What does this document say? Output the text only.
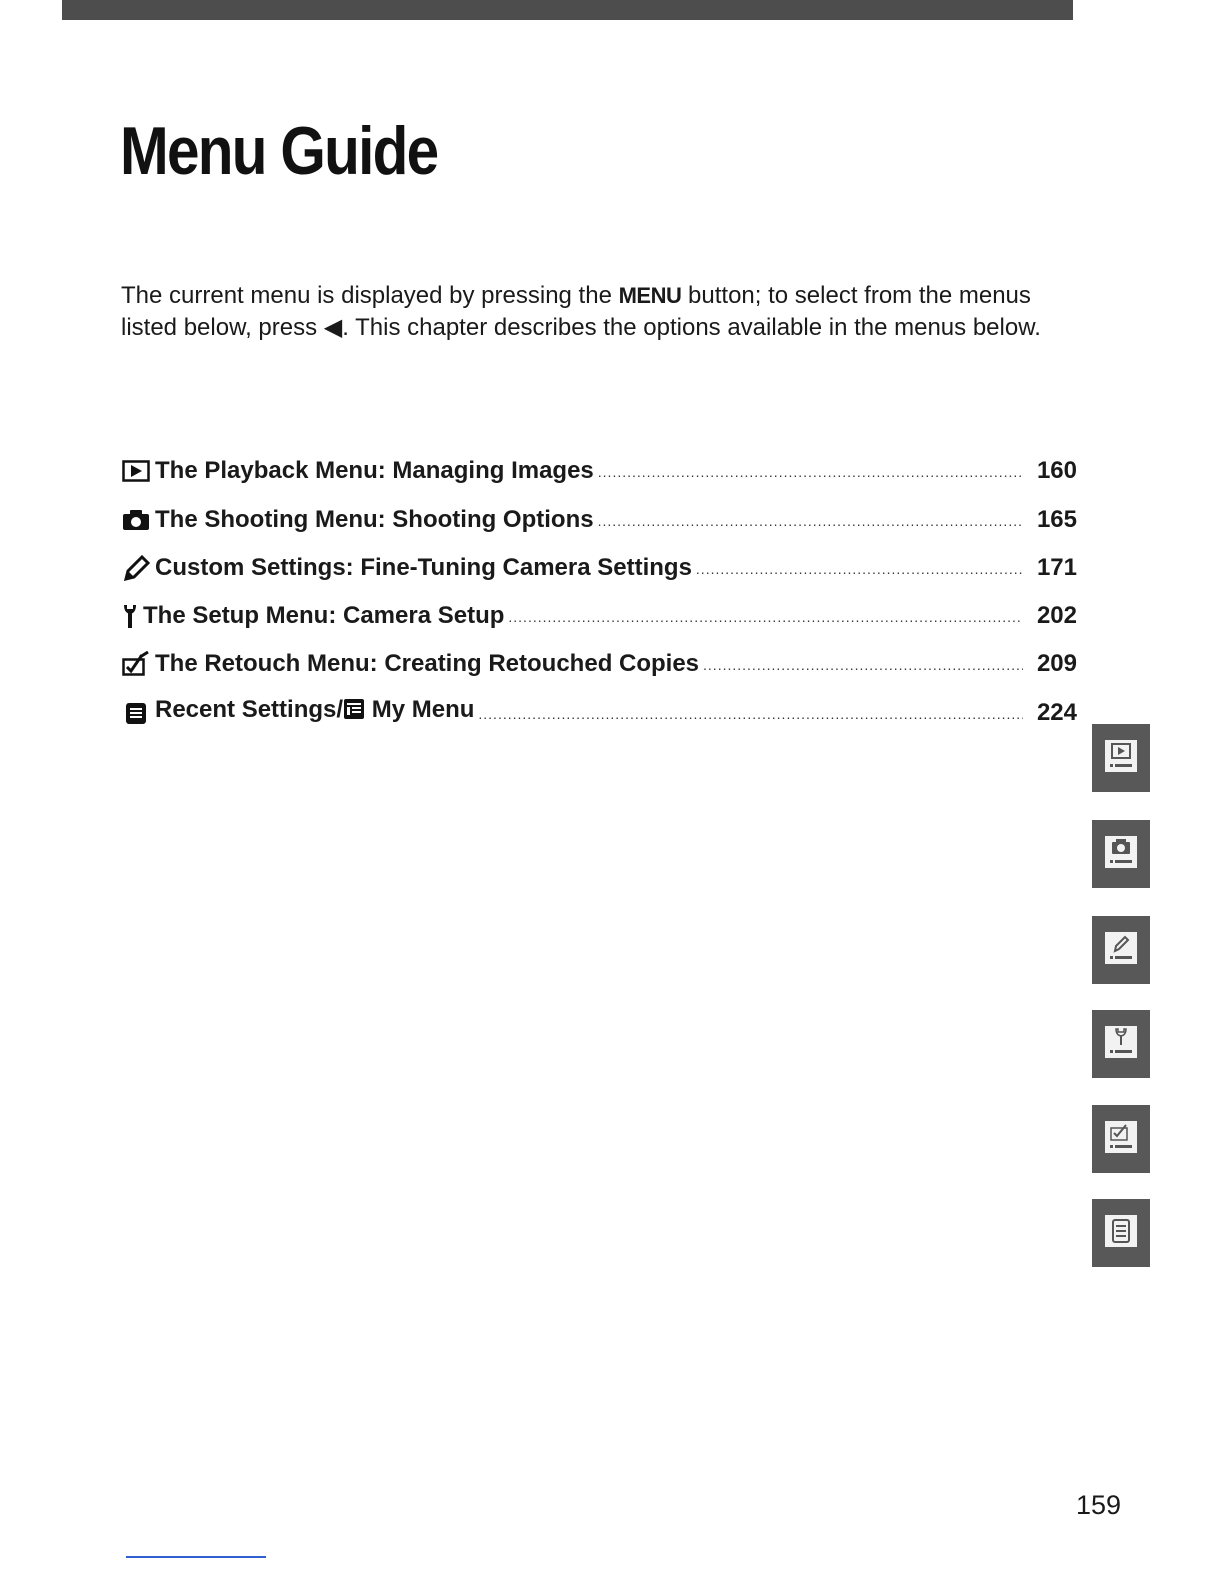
Menu Guide

The current menu is displayed by pressing the MENU button; to select from the menus listed below, press ◀. This chapter describes the options available in the menus below.

The Playback Menu: Managing Images .....	160
The Shooting Menu: Shooting Options .....	165
Custom Settings: Fine-Tuning Camera Settings .....	171
The Setup Menu: Camera Setup .....	202
The Retouch Menu: Creating Retouched Copies .....	209
Recent Settings/ My Menu .....	224
159
